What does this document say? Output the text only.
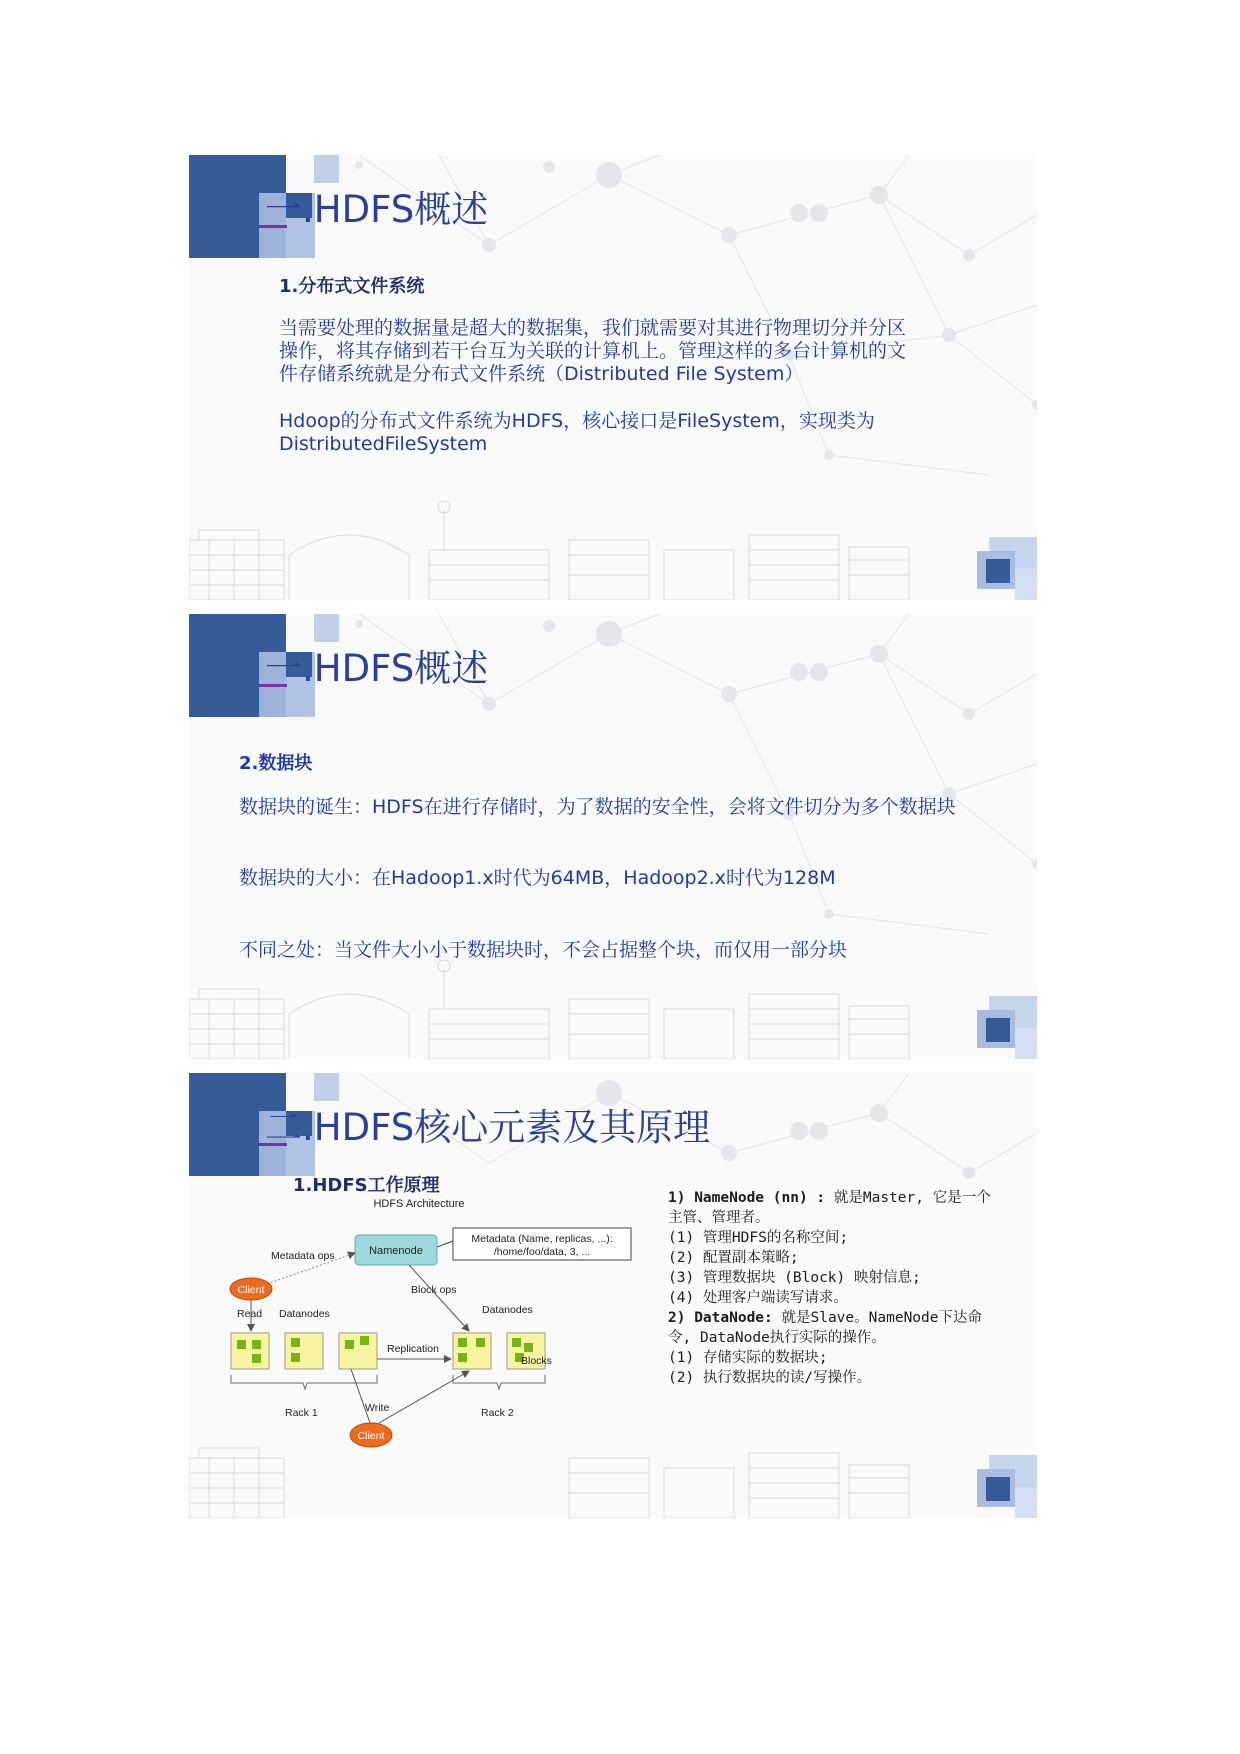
一.HDFS概述
1.分布式文件系统
当需要处理的数据量是超大的数据集，我们就需要对其进行物理切分并分区
操作，将其存储到若干台互为关联的计算机上。管理这样的多台计算机的文
件存储系统就是分布式文件系统（Distributed File System）
Hdoop的分布式文件系统为HDFS，核心接口是FileSystem，实现类为
DistributedFileSystem
一.HDFS概述
2.数据块
数据块的诞生：HDFS在进行存储时，为了数据的安全性，会将文件切分为多个数据块
数据块的大小：在Hadoop1.x时代为64MB，Hadoop2.x时代为128M
不同之处：当文件大小小于数据块时，不会占据整个块，而仅用一部分块
二.HDFS核心元素及其原理
1.HDFS工作原理
HDFS Architecture
Namenode
Metadata (Name, replicas, ...):
/home/foo/data, 3, ...
Metadata ops
Client	Block ops
Read Datanodes	Datanodes
Replication
Blocks
Rack 1	Rack 2
Write
Client
1) NameNode (nn) : 就是Master, 它是一个
主管、管理者。
(1) 管理HDFS的名称空间;
(2) 配置副本策略;
(3) 管理数据块 (Block) 映射信息;
(4) 处理客户端读写请求。
2) DataNode: 就是Slave。NameNode下达命
令, DataNode执行实际的操作。
(1) 存储实际的数据块;
(2) 执行数据块的读/写操作。
